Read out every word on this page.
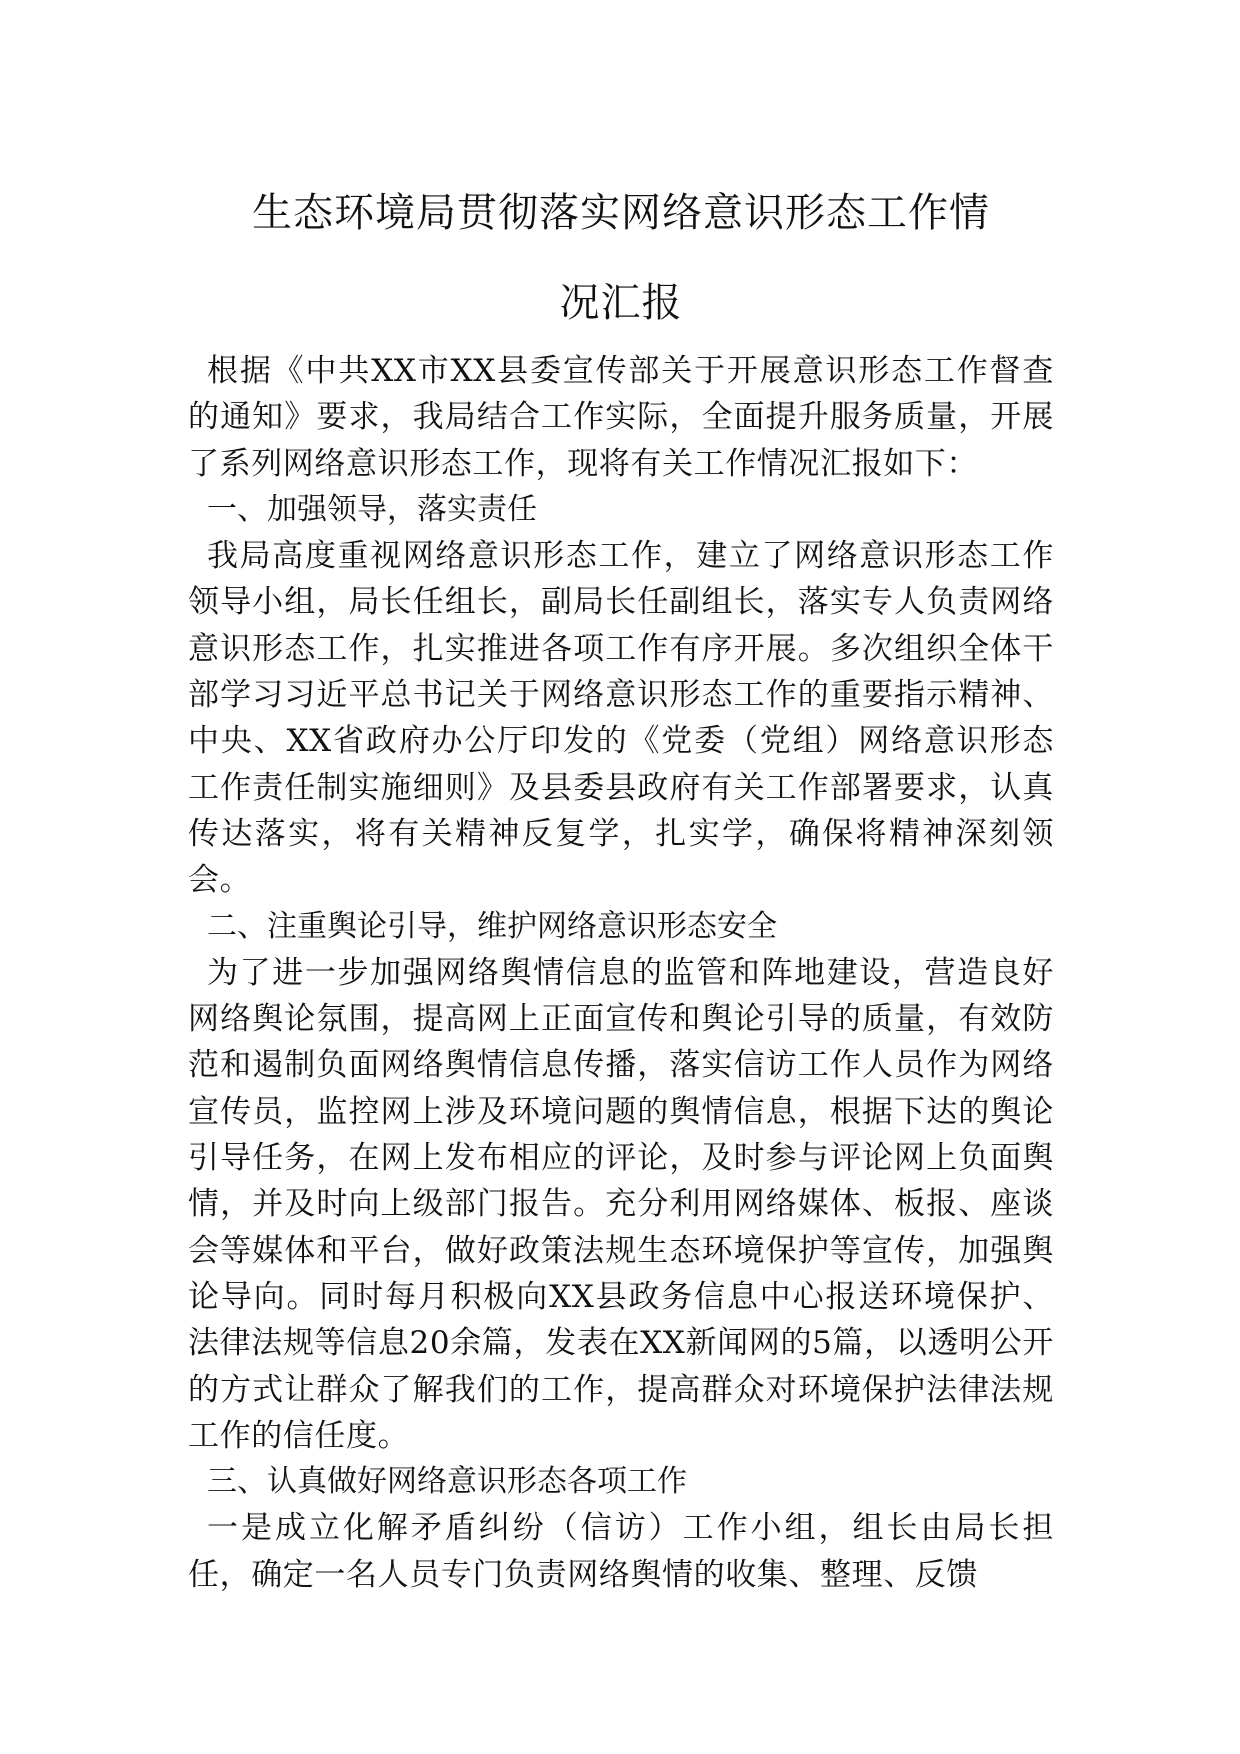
生态环境局贯彻落实网络意识形态工作情
况汇报

根据《中共XX市XX县委宣传部关于开展意识形态工作督查的通知》要求，我局结合工作实际，全面提升服务质量，开展了系列网络意识形态工作，现将有关工作情况汇报如下：

一、加强领导，落实责任

我局高度重视网络意识形态工作，建立了网络意识形态工作领导小组，局长任组长，副局长任副组长，落实专人负责网络意识形态工作，扎实推进各项工作有序开展。多次组织全体干部学习习近平总书记关于网络意识形态工作的重要指示精神、中央、XX省政府办公厅印发的《党委（党组）网络意识形态工作责任制实施细则》及县委县政府有关工作部署要求，认真传达落实，将有关精神反复学，扎实学，确保将精神深刻领会。

二、注重舆论引导，维护网络意识形态安全

为了进一步加强网络舆情信息的监管和阵地建设，营造良好网络舆论氛围，提高网上正面宣传和舆论引导的质量，有效防范和遏制负面网络舆情信息传播，落实信访工作人员作为网络宣传员，监控网上涉及环境问题的舆情信息，根据下达的舆论引导任务，在网上发布相应的评论，及时参与评论网上负面舆情，并及时向上级部门报告。充分利用网络媒体、板报、座谈会等媒体和平台，做好政策法规生态环境保护等宣传，加强舆论导向。同时每月积极向XX县政务信息中心报送环境保护、法律法规等信息20余篇，发表在XX新闻网的5篇，以透明公开的方式让群众了解我们的工作，提高群众对环境保护法律法规工作的信任度。

三、认真做好网络意识形态各项工作

一是成立化解矛盾纠纷（信访）工作小组，组长由局长担任，确定一名人员专门负责网络舆情的收集、整理、反馈
